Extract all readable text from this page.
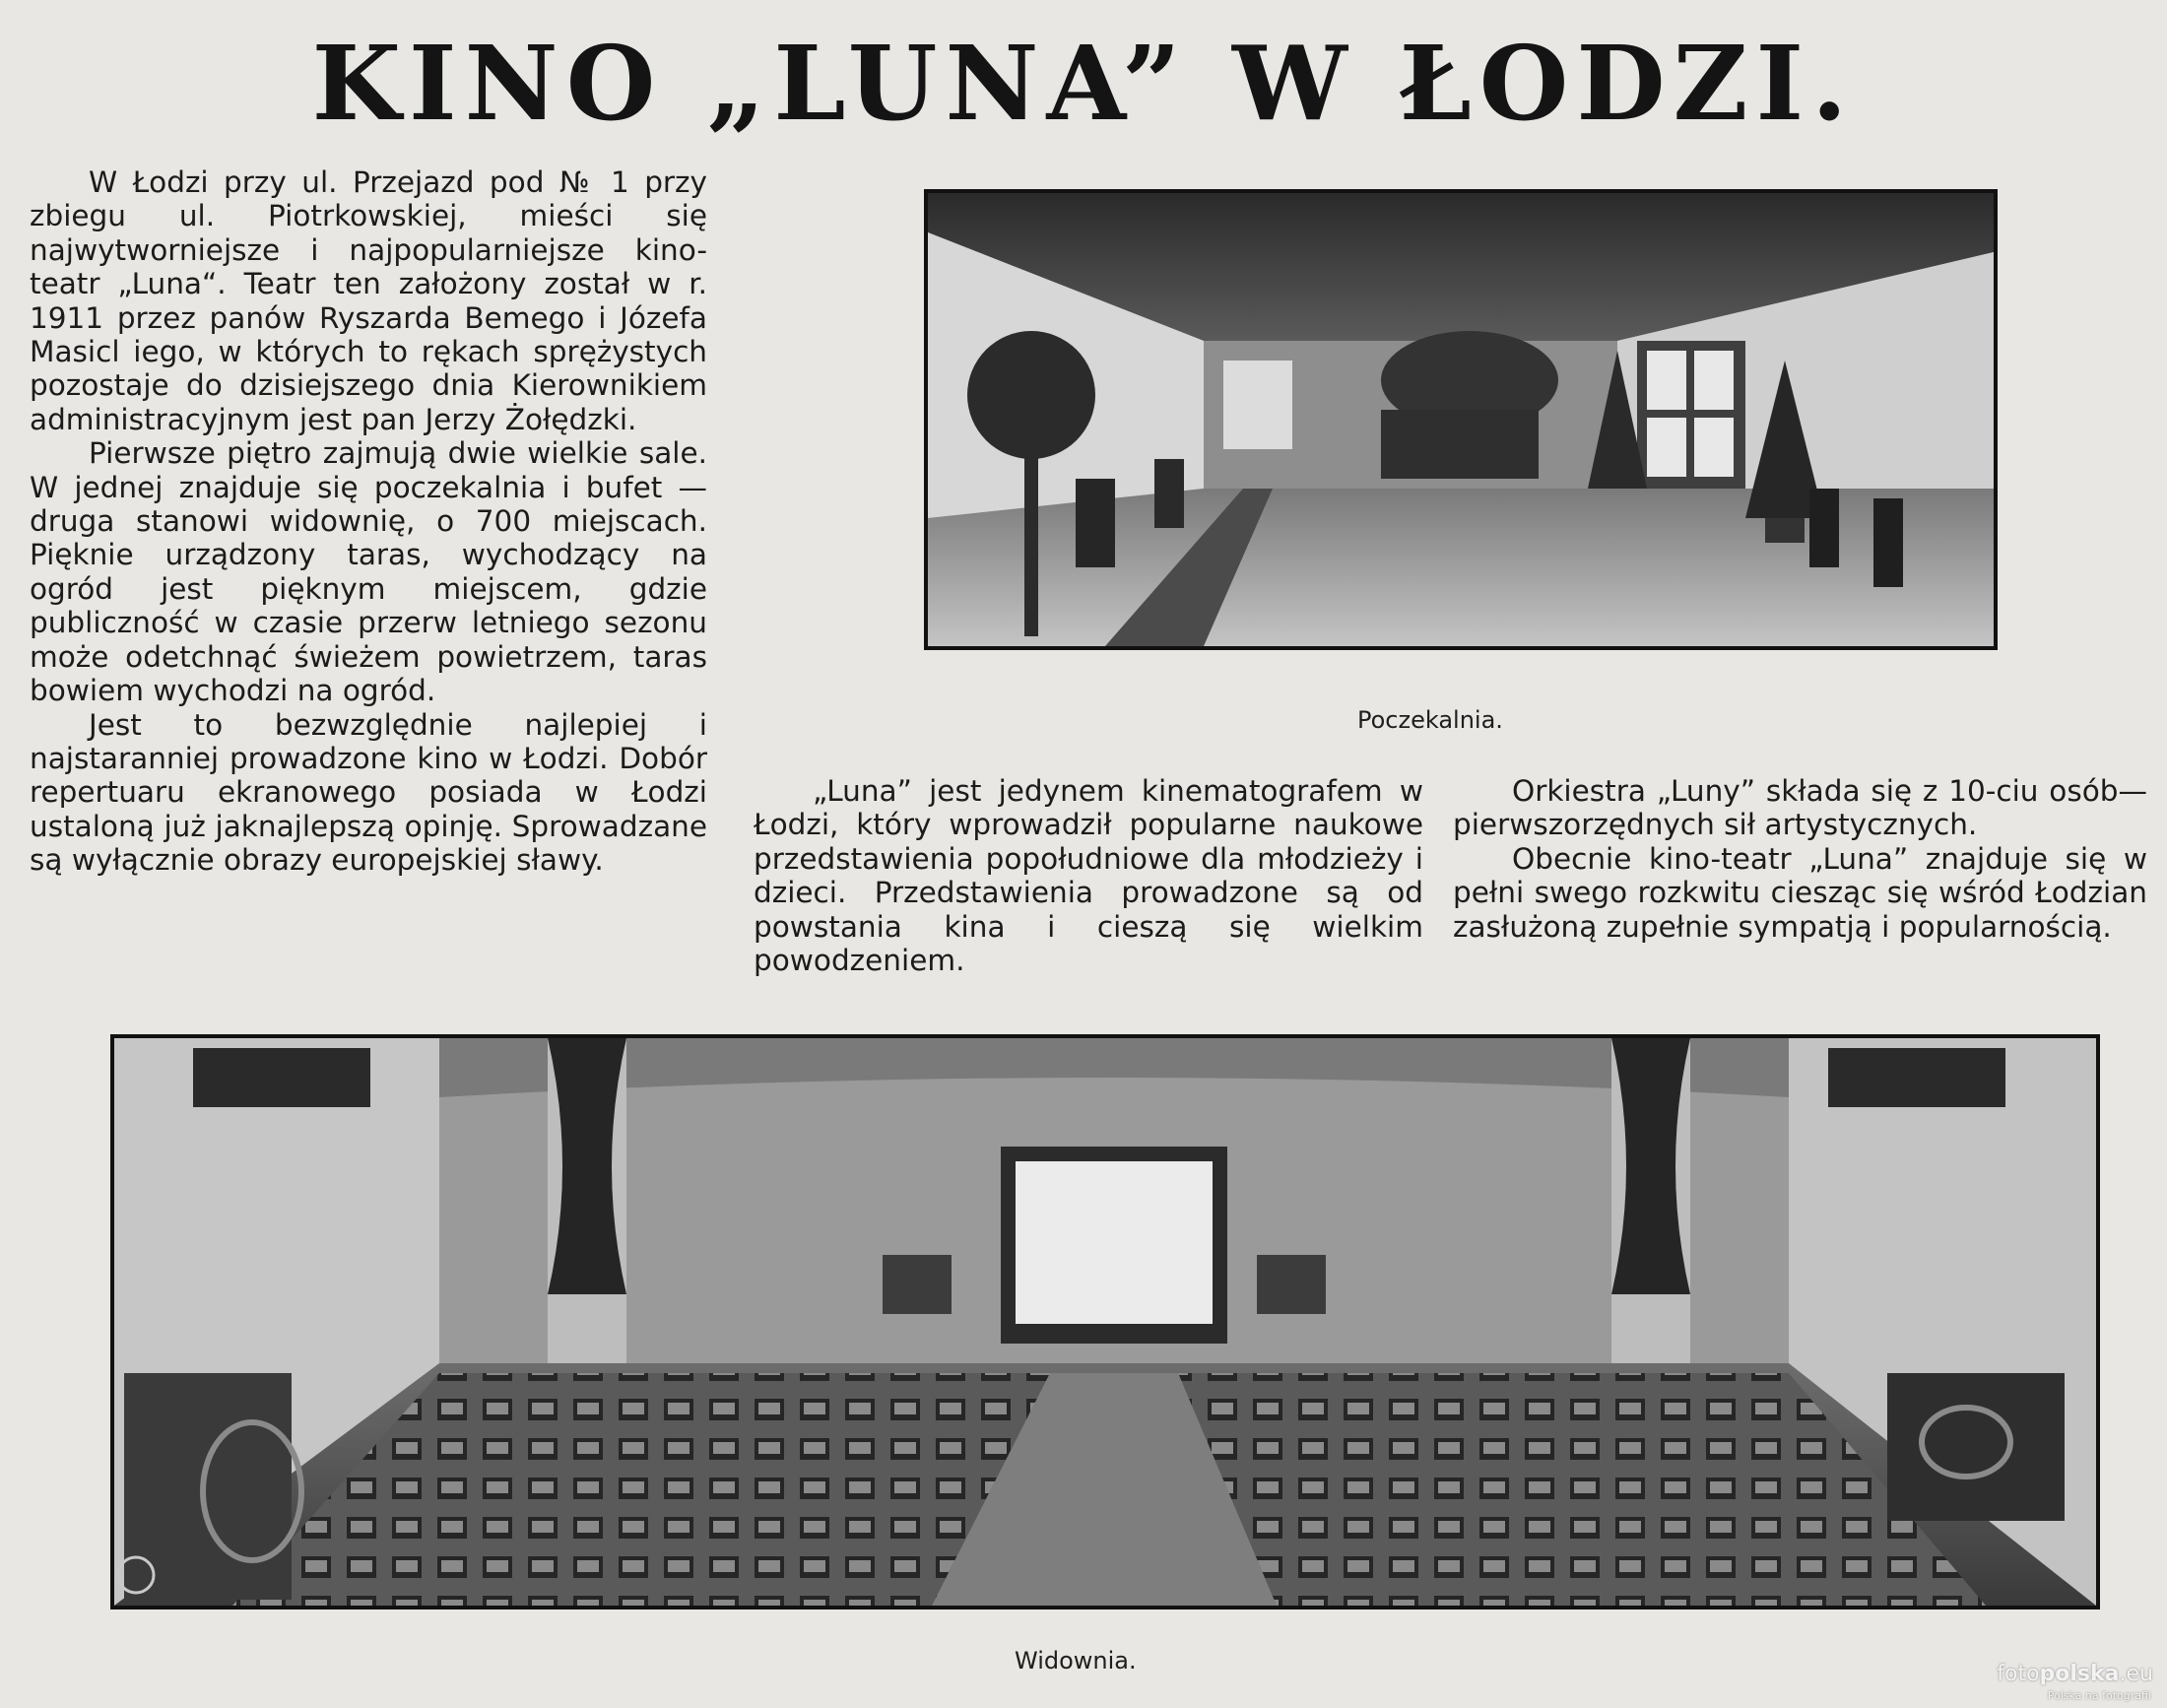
KINO „LUNA” W ŁODZI.

W Łodzi przy ul. Przejazd pod № 1 przy zbiegu ul. Piotrkowskiej, mieści się najwytworniejsze i najpopularniejsze kino-teatr „Luna“. Teatr ten założony został w r. 1911 przez panów Ryszarda Bemego i Józefa Masicl iego, w których to rękach sprężystych pozostaje do dzisiejszego dnia Kierownikiem administracyjnym jest pan Jerzy Żołędzki.

Pierwsze piętro zajmują dwie wielkie sale. W jednej znajduje się poczekalnia i bufet — druga stanowi widownię, o 700 miejscach. Pięknie urządzony taras, wychodzący na ogród jest pięknym miejscem, gdzie publiczność w czasie przerw letniego sezonu może odetchnąć świeżem powietrzem, taras bowiem wychodzi na ogród.

Jest to bezwzględnie najlepiej i najstaranniej prowadzone kino w Łodzi. Dobór repertuaru ekranowego posiada w Łodzi ustaloną już jaknajlepszą opinję. Sprowadzane są wyłącznie obrazy europejskiej sławy.

Poczekalnia.

„Luna” jest jedynem kinematografem w Łodzi, który wprowadził popularne naukowe przedstawienia popołudniowe dla młodzieży i dzieci. Przedstawienia prowadzone są od powstania kina i cieszą się wielkim powodzeniem.

Orkiestra „Luny” składa się z 10-ciu osób—pierwszorzędnych sił artystycznych.

Obecnie kino-teatr „Luna” znajduje się w pełni swego rozkwitu ciesząc się wśród Łodzian zasłużoną zupełnie sympatją i popularnością.

Widownia.	fotopolska.eu
Polska na fotografii
